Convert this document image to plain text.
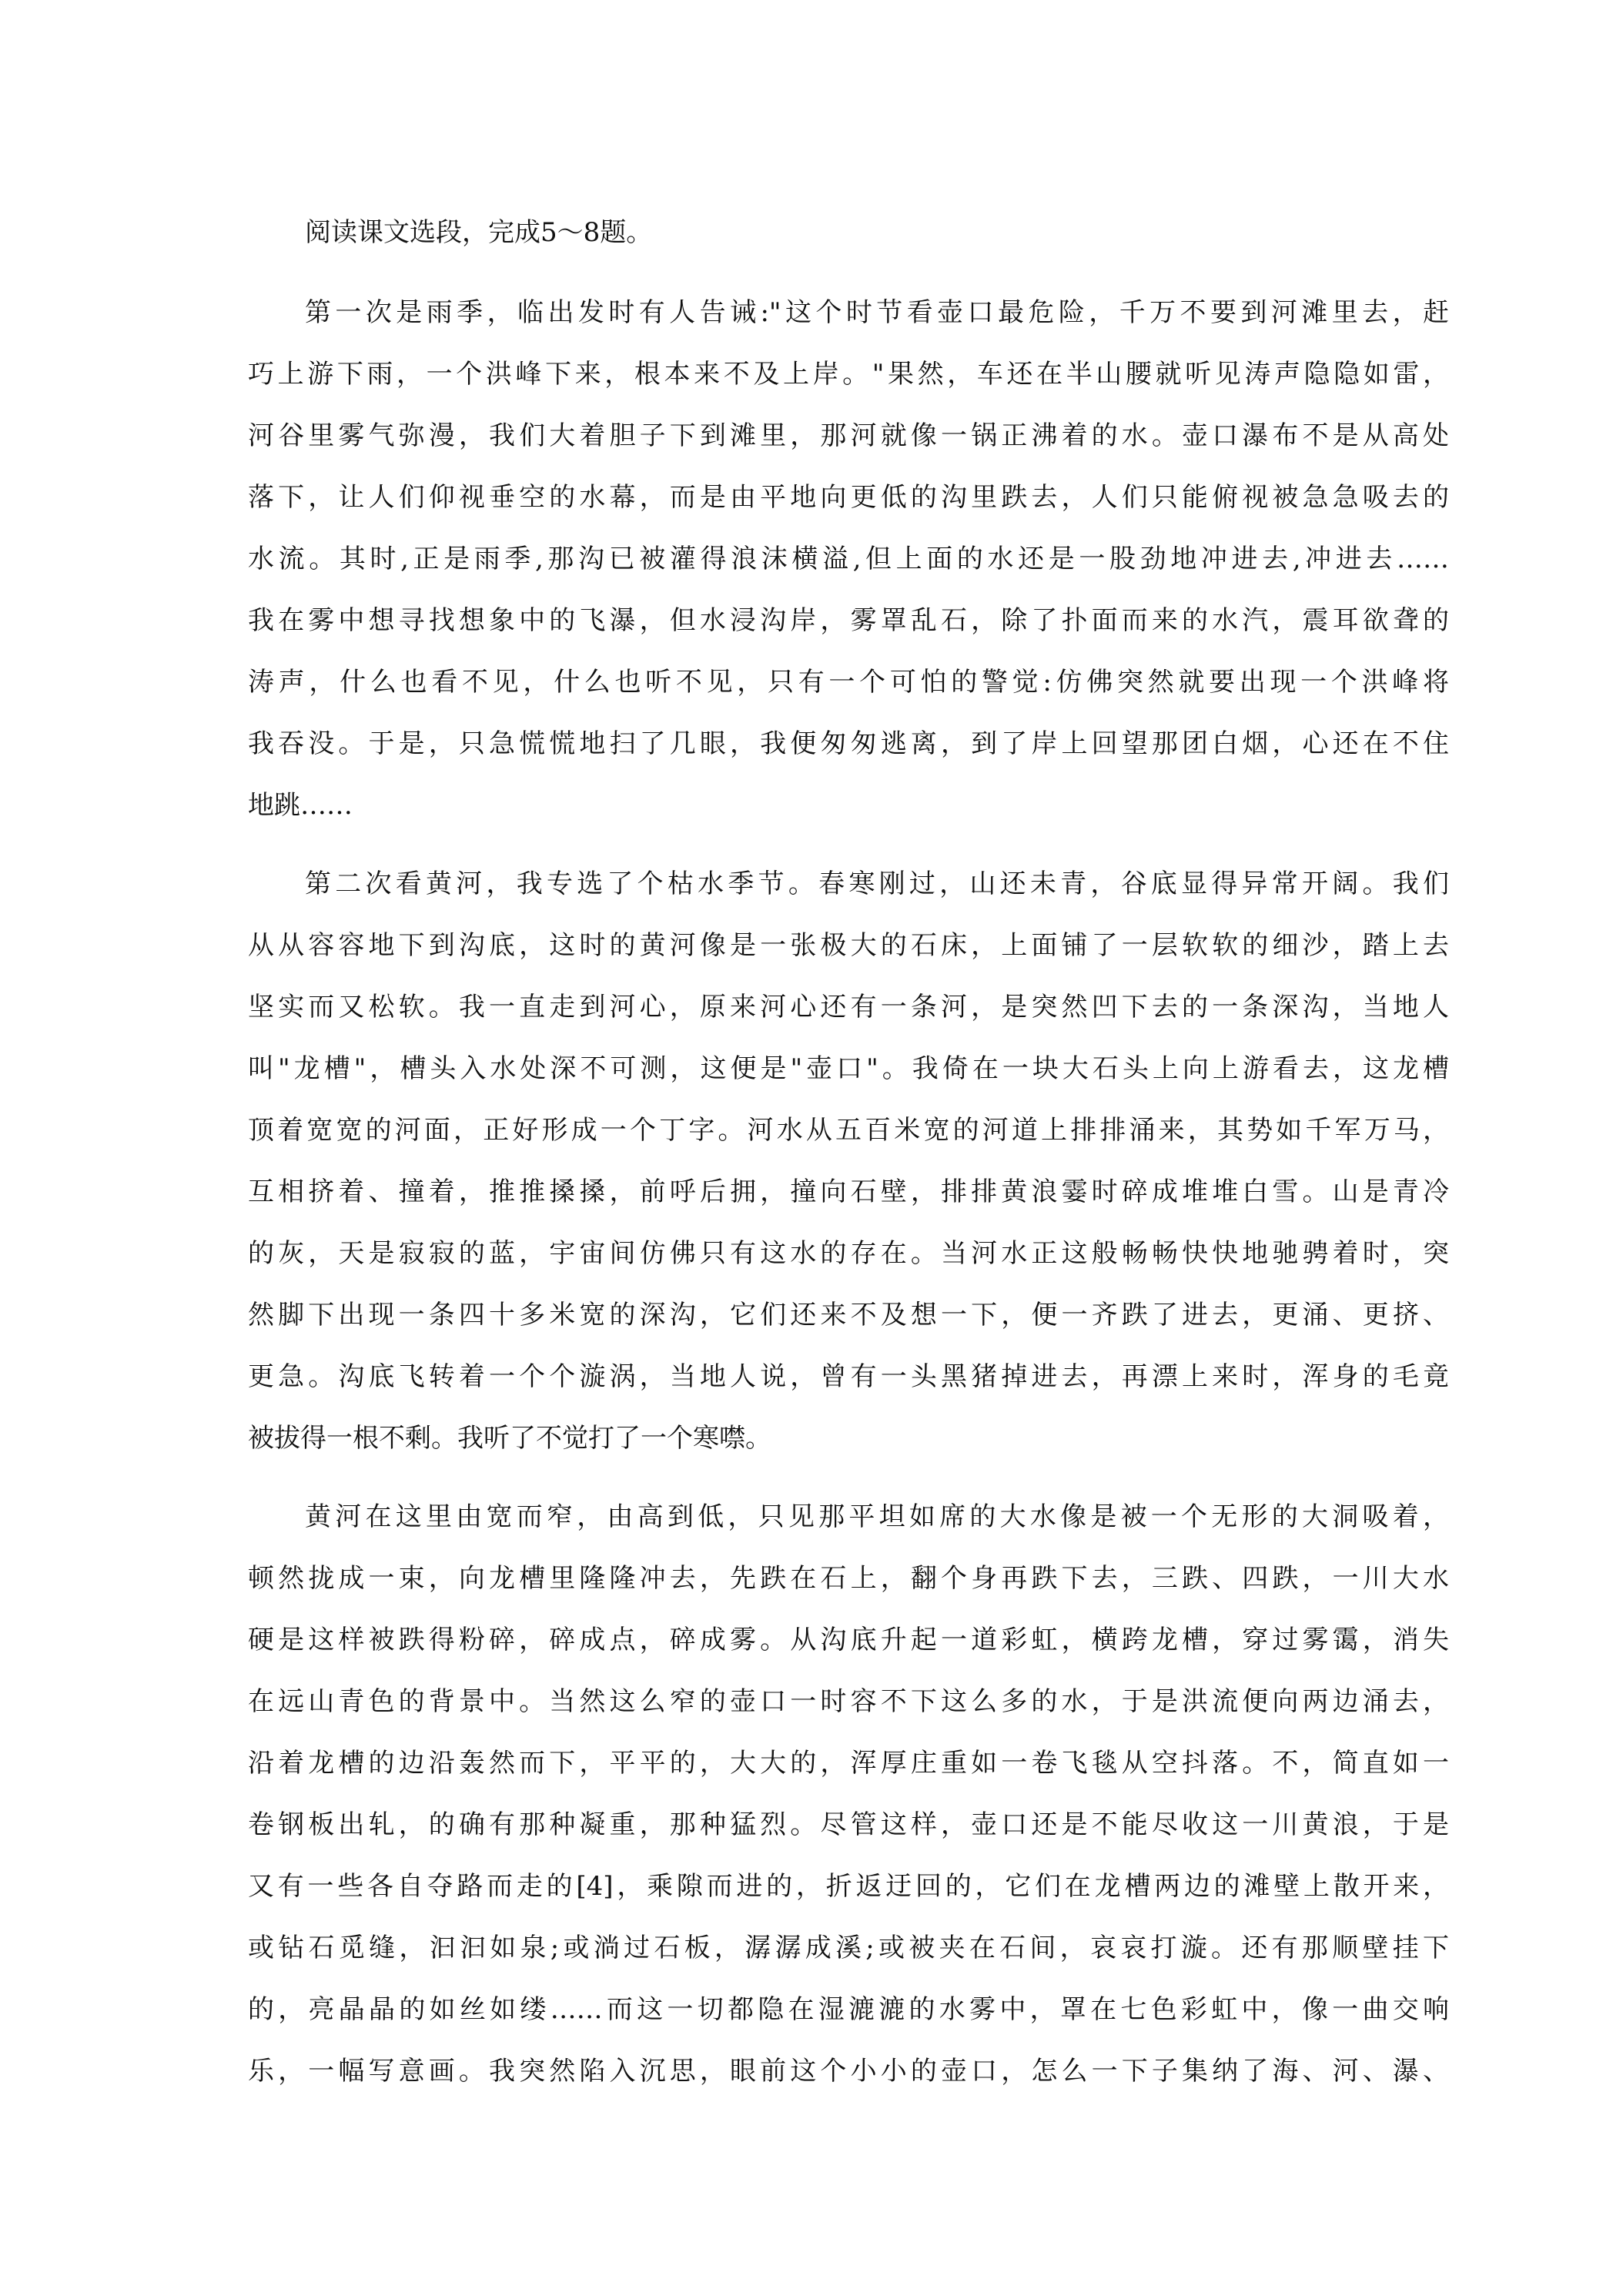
阅读课文选段，完成5～8题。
第一次是雨季，临出发时有人告诫:"这个时节看壶口最危险，千万不要到河滩里去，赶
巧上游下雨，一个洪峰下来，根本来不及上岸。"果然，车还在半山腰就听见涛声隐隐如雷，
河谷里雾气弥漫，我们大着胆子下到滩里，那河就像一锅正沸着的水。壶口瀑布不是从高处
落下，让人们仰视垂空的水幕，而是由平地向更低的沟里跌去，人们只能俯视被急急吸去的
水流。其时,正是雨季,那沟已被灌得浪沫横溢,但上面的水还是一股劲地冲进去,冲进去……
我在雾中想寻找想象中的飞瀑，但水浸沟岸，雾罩乱石，除了扑面而来的水汽，震耳欲聋的
涛声，什么也看不见，什么也听不见，只有一个可怕的警觉:仿佛突然就要出现一个洪峰将
我吞没。于是，只急慌慌地扫了几眼，我便匆匆逃离，到了岸上回望那团白烟，心还在不住
地跳……
第二次看黄河，我专选了个枯水季节。春寒刚过，山还未青，谷底显得异常开阔。我们
从从容容地下到沟底，这时的黄河像是一张极大的石床，上面铺了一层软软的细沙，踏上去
坚实而又松软。我一直走到河心，原来河心还有一条河，是突然凹下去的一条深沟，当地人
叫"龙槽"，槽头入水处深不可测，这便是"壶口"。我倚在一块大石头上向上游看去，这龙槽
顶着宽宽的河面，正好形成一个丁字。河水从五百米宽的河道上排排涌来，其势如千军万马，
互相挤着、撞着，推推搡搡，前呼后拥，撞向石壁，排排黄浪霎时碎成堆堆白雪。山是青冷
的灰，天是寂寂的蓝，宇宙间仿佛只有这水的存在。当河水正这般畅畅快快地驰骋着时，突
然脚下出现一条四十多米宽的深沟，它们还来不及想一下，便一齐跌了进去，更涌、更挤、
更急。沟底飞转着一个个漩涡，当地人说，曾有一头黑猪掉进去，再漂上来时，浑身的毛竟
被拔得一根不剩。我听了不觉打了一个寒噤。
黄河在这里由宽而窄，由高到低，只见那平坦如席的大水像是被一个无形的大洞吸着，
顿然拢成一束，向龙槽里隆隆冲去，先跌在石上，翻个身再跌下去，三跌、四跌，一川大水
硬是这样被跌得粉碎，碎成点，碎成雾。从沟底升起一道彩虹，横跨龙槽，穿过雾霭，消失
在远山青色的背景中。当然这么窄的壶口一时容不下这么多的水，于是洪流便向两边涌去，
沿着龙槽的边沿轰然而下，平平的，大大的，浑厚庄重如一卷飞毯从空抖落。不，简直如一
卷钢板出轧，的确有那种凝重，那种猛烈。尽管这样，壶口还是不能尽收这一川黄浪，于是
又有一些各自夺路而走的[4]，乘隙而进的，折返迂回的，它们在龙槽两边的滩壁上散开来，
或钻石觅缝，汩汩如泉;或淌过石板，潺潺成溪;或被夹在石间，哀哀打漩。还有那顺壁挂下
的，亮晶晶的如丝如缕……而这一切都隐在湿漉漉的水雾中，罩在七色彩虹中，像一曲交响
乐，一幅写意画。我突然陷入沉思，眼前这个小小的壶口，怎么一下子集纳了海、河、瀑、
